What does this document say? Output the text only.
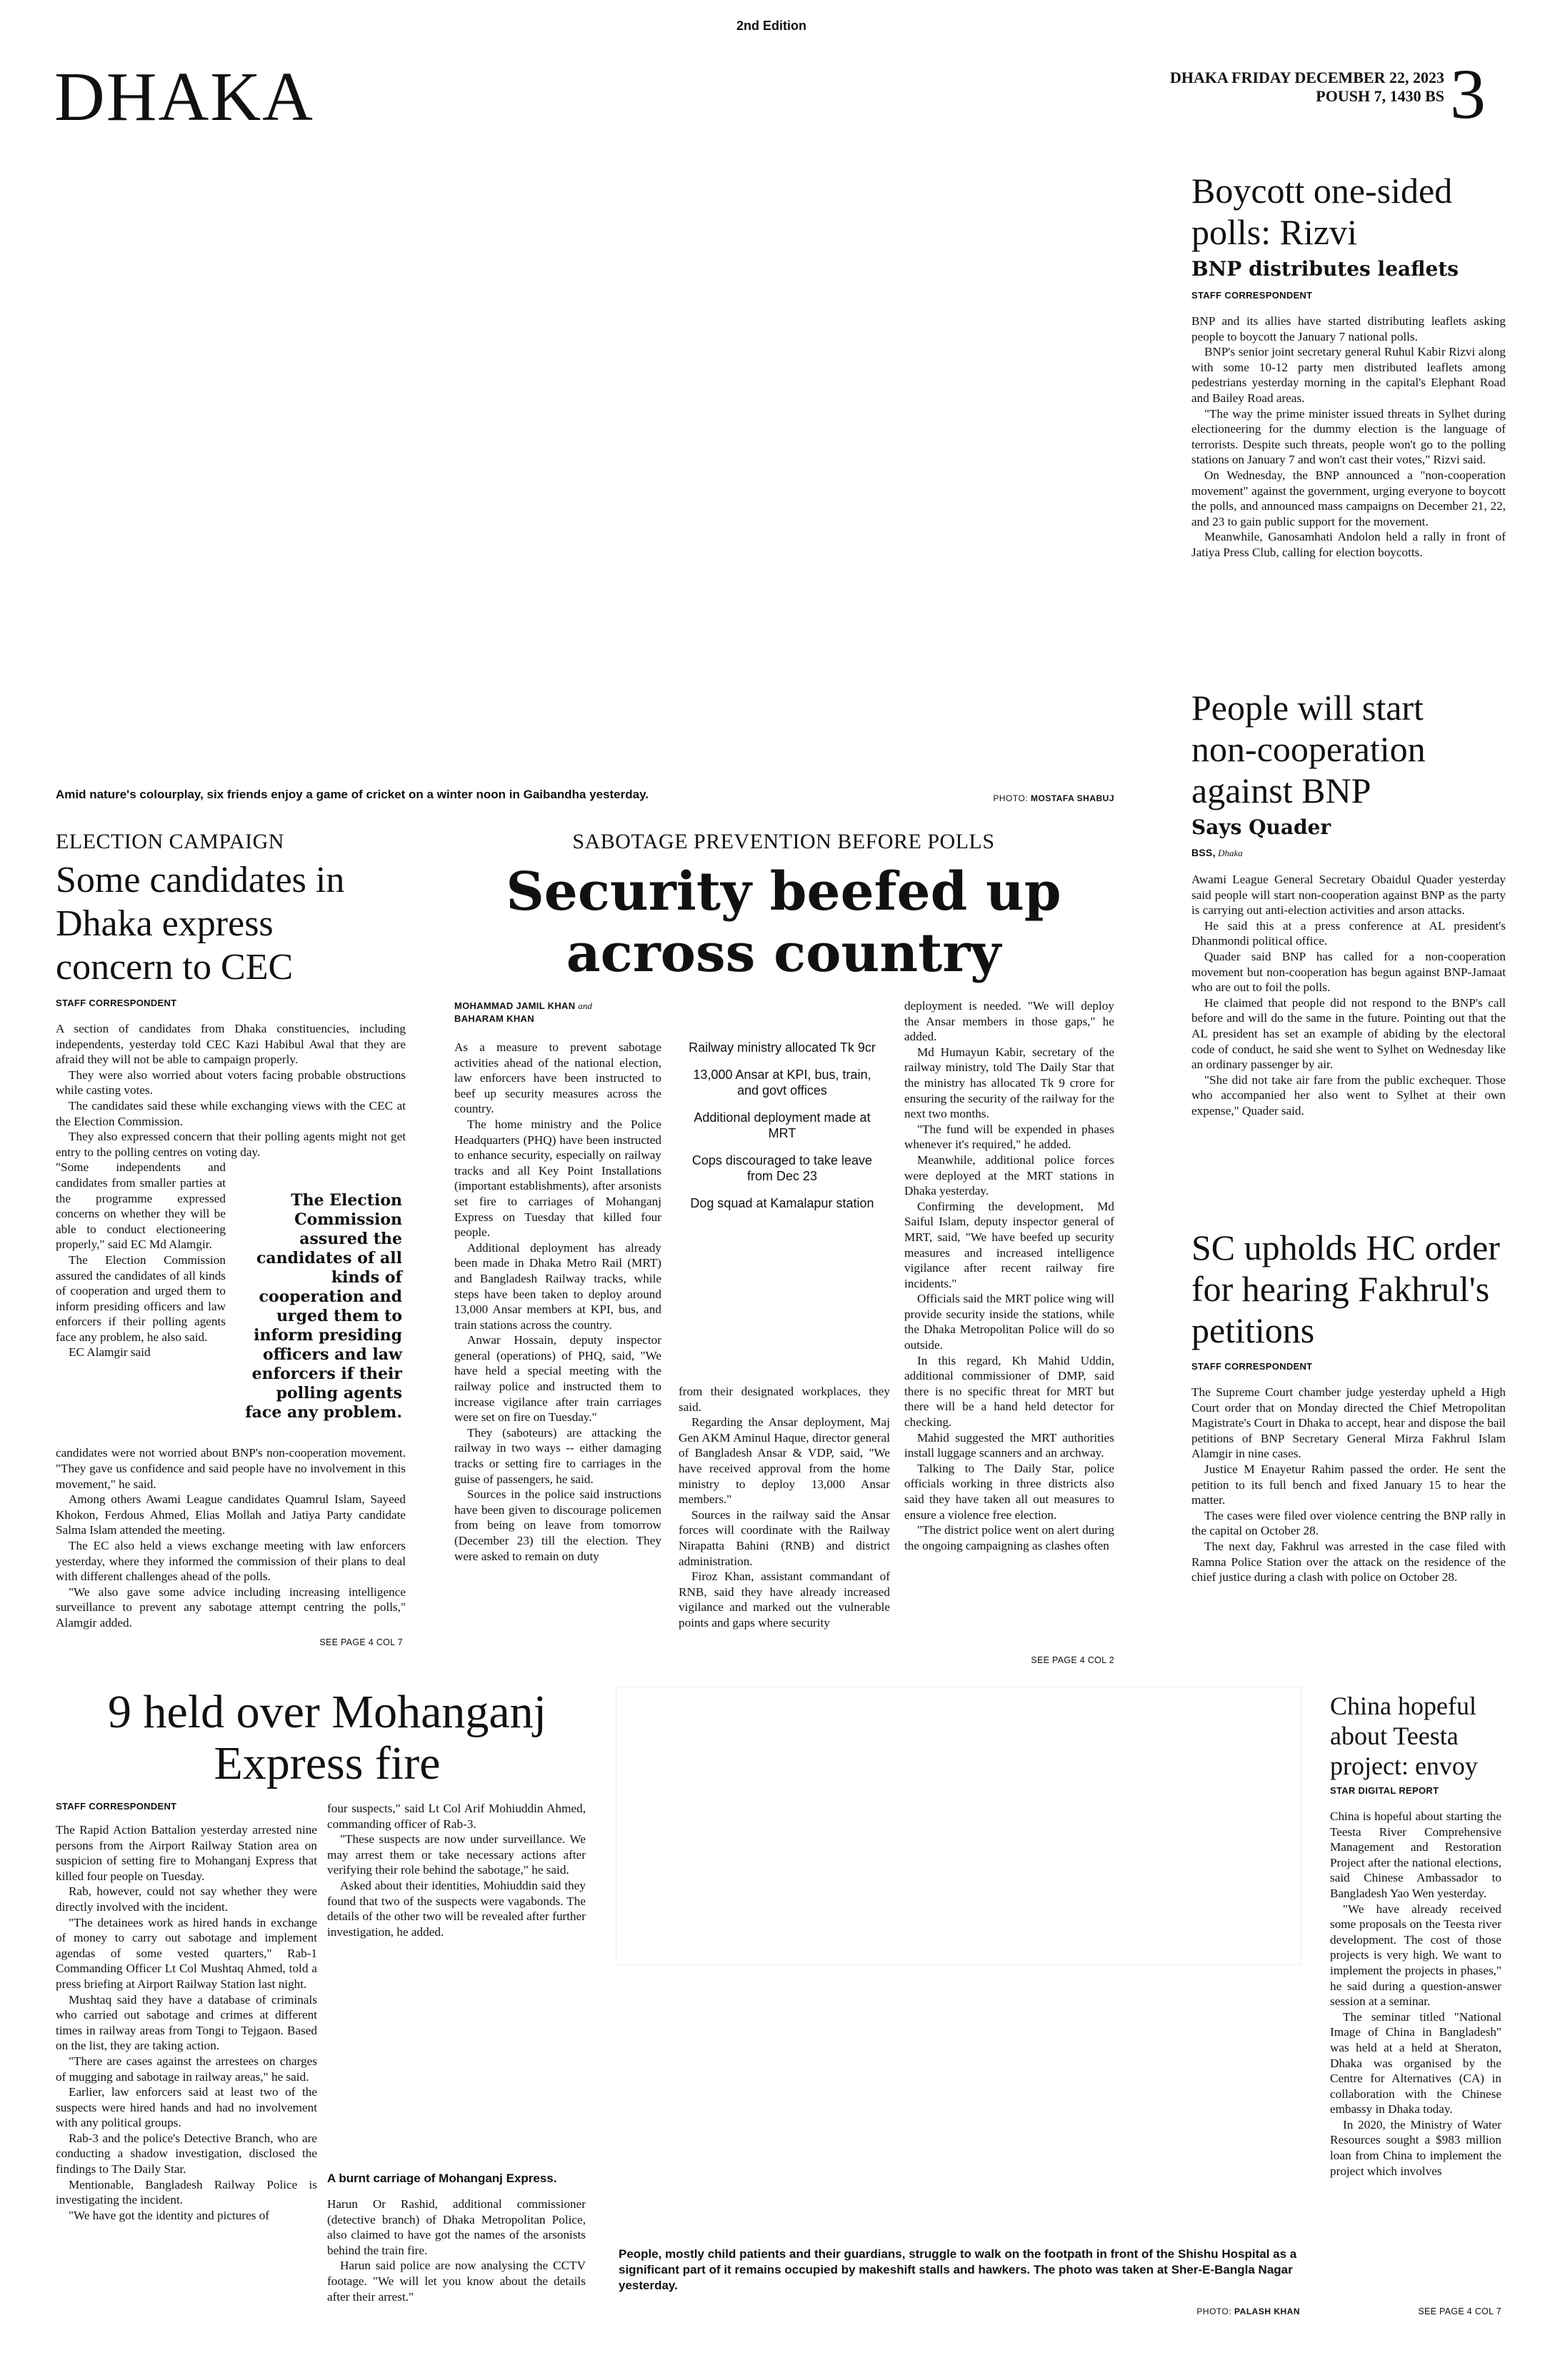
2nd Edition
DHAKA	DHAKA FRIDAY DECEMBER 22, 2023
POUSH 7, 1430 BS 3
Amid nature's colourplay, six friends enjoy a game of cricket on a winter noon in Gaibandha yesterday.	PHOTO: MOSTAFA SHABUJ
Boycott one-sided polls: Rizvi
BNP distributes leaflets
STAFF CORRESPONDENT

BNP and its allies have started distributing leaflets asking people to boycott the January 7 national polls.

BNP's senior joint secretary general Ruhul Kabir Rizvi along with some 10-12 party men distributed leaflets among pedestrians yesterday morning in the capital's Elephant Road and Bailey Road areas.

"The way the prime minister issued threats in Sylhet during electioneering for the dummy election is the language of terrorists. Despite such threats, people won't go to the polling stations on January 7 and won't cast their votes," Rizvi said.

On Wednesday, the BNP announced a "non-cooperation movement" against the government, urging everyone to boycott the polls, and announced mass campaigns on December 21, 22, and 23 to gain public support for the movement.

Meanwhile, Ganosamhati Andolon held a rally in front of Jatiya Press Club, calling for election boycotts.

People will start non-cooperation against BNP
Says Quader
BSS, Dhaka

Awami League General Secretary Obaidul Quader yesterday said people will start non-cooperation against BNP as the party is carrying out anti-election activities and arson attacks.

He said this at a press conference at AL president's Dhanmondi political office.

Quader said BNP has called for a non-cooperation movement but non-cooperation has begun against BNP-Jamaat who are out to foil the polls.

He claimed that people did not respond to the BNP's call before and will do the same in the future. Pointing out that the AL president has set an example of abiding by the electoral code of conduct, he said she went to Sylhet on Wednesday like an ordinary passenger by air.

"She did not take air fare from the public exchequer. Those who accompanied her also went to Sylhet at their own expense," Quader said.

SC upholds HC order for hearing Fakhrul's petitions
STAFF CORRESPONDENT

The Supreme Court chamber judge yesterday upheld a High Court order that on Monday directed the Chief Metropolitan Magistrate's Court in Dhaka to accept, hear and dispose the bail petitions of BNP Secretary General Mirza Fakhrul Islam Alamgir in nine cases.

Justice M Enayetur Rahim passed the order. He sent the petition to its full bench and fixed January 15 to hear the matter.

The cases were filed over violence centring the BNP rally in the capital on October 28.

The next day, Fakhrul was arrested in the case filed with Ramna Police Station over the attack on the residence of the chief justice during a clash with police on October 28.

ELECTION CAMPAIGN
Some candidates in Dhaka express concern to CEC
STAFF CORRESPONDENT

A section of candidates from Dhaka constituencies, including independents, yesterday told CEC Kazi Habibul Awal that they are afraid they will not be able to campaign properly.

They were also worried about voters facing probable obstructions while casting votes.

The candidates said these while exchanging views with the CEC at the Election Commission.

They also expressed concern that their polling agents might not get entry to the polling centres on voting day.

"Some independents and candidates from smaller parties at the programme expressed concerns on whether they will be able to conduct electioneering properly," said EC Md Alamgir.

The Election Commission assured the candidates of all kinds of cooperation and urged them to inform presiding officers and law enforcers if their polling agents face any problem, he also said.

EC Alamgir said

The Election Commission assured the candidates of all kinds of cooperation and urged them to inform presiding officers and law enforcers if their polling agents face any problem.

candidates were not worried about BNP's non-cooperation movement. "They gave us confidence and said people have no involvement in this movement," he said.

Among others Awami League candidates Quamrul Islam, Sayeed Khokon, Ferdous Ahmed, Elias Mollah and Jatiya Party candidate Salma Islam attended the meeting.

The EC also held a views exchange meeting with law enforcers yesterday, where they informed the commission of their plans to deal with different challenges ahead of the polls.

"We also gave some advice including increasing intelligence surveillance to prevent any sabotage attempt centring the polls," Alamgir added.

SEE PAGE 4 COL 7
SABOTAGE PREVENTION BEFORE POLLS
Security beefed up across country
MOHAMMAD JAMIL KHAN and
BAHARAM KHAN

As a measure to prevent sabotage activities ahead of the national election, law enforcers have been instructed to beef up security measures across the country.

The home ministry and the Police Headquarters (PHQ) have been instructed to enhance security, especially on railway tracks and all Key Point Installations (important establishments), after arsonists set fire to carriages of Mohanganj Express on Tuesday that killed four people.

Additional deployment has already been made in Dhaka Metro Rail (MRT) and Bangladesh Railway tracks, while steps have been taken to deploy around 13,000 Ansar members at KPI, bus, and train stations across the country.

Anwar Hossain, deputy inspector general (operations) of PHQ, said, "We have held a special meeting with the railway police and instructed them to increase vigilance after train carriages were set on fire on Tuesday."

They (saboteurs) are attacking the railway in two ways -- either damaging tracks or setting fire to carriages in the guise of passengers, he said.

Sources in the police said instructions have been given to discourage policemen from being on leave from tomorrow (December 23) till the election. They were asked to remain on duty

Railway ministry allocated Tk 9cr
13,000 Ansar at KPI, bus, train, and govt offices
Additional deployment made at MRT
Cops discouraged to take leave from Dec 23
Dog squad at Kamalapur station

from their designated workplaces, they said.

Regarding the Ansar deployment, Maj Gen AKM Aminul Haque, director general of Bangladesh Ansar & VDP, said, "We have received approval from the home ministry to deploy 13,000 Ansar members."

Sources in the railway said the Ansar forces will coordinate with the Railway Nirapatta Bahini (RNB) and district administration.

Firoz Khan, assistant commandant of RNB, said they have already increased vigilance and marked out the vulnerable points and gaps where security

deployment is needed. "We will deploy the Ansar members in those gaps," he added.

Md Humayun Kabir, secretary of the railway ministry, told The Daily Star that the ministry has allocated Tk 9 crore for ensuring the security of the railway for the next two months.

"The fund will be expended in phases whenever it's required," he added.

Meanwhile, additional police forces were deployed at the MRT stations in Dhaka yesterday.

Confirming the development, Md Saiful Islam, deputy inspector general of MRT, said, "We have beefed up security measures and increased intelligence vigilance after recent railway fire incidents."

Officials said the MRT police wing will provide security inside the stations, while the Dhaka Metropolitan Police will do so outside.

In this regard, Kh Mahid Uddin, additional commissioner of DMP, said there is no specific threat for MRT but there will be a hand held detector for checking.

Mahid suggested the MRT authorities install luggage scanners and an archway.

Talking to The Daily Star, police officials working in three districts also said they have taken all out measures to ensure a violence free election.

"The district police went on alert during the ongoing campaigning as clashes often

SEE PAGE 4 COL 2
9 held over Mohanganj
Express fire
STAFF CORRESPONDENT

The Rapid Action Battalion yesterday arrested nine persons from the Airport Railway Station area on suspicion of setting fire to Mohanganj Express that killed four people on Tuesday.

Rab, however, could not say whether they were directly involved with the incident.

"The detainees work as hired hands in exchange of money to carry out sabotage and implement agendas of some vested quarters," Rab-1 Commanding Officer Lt Col Mushtaq Ahmed, told a press briefing at Airport Railway Station last night.

Mushtaq said they have a database of criminals who carried out sabotage and crimes at different times in railway areas from Tongi to Tejgaon. Based on the list, they are taking action.

"There are cases against the arrestees on charges of mugging and sabotage in railway areas," he said.

Earlier, law enforcers said at least two of the suspects were hired hands and had no involvement with any political groups.

Rab-3 and the police's Detective Branch, who are conducting a shadow investigation, disclosed the findings to The Daily Star.

Mentionable, Bangladesh Railway Police is investigating the incident.

"We have got the identity and pictures of

four suspects," said Lt Col Arif Mohiuddin Ahmed, commanding officer of Rab-3.

"These suspects are now under surveillance. We may arrest them or take necessary actions after verifying their role behind the sabotage," he said.

Asked about their identities, Mohiuddin said they found that two of the suspects were vagabonds. The details of the other two will be revealed after further investigation, he added.

A burnt carriage of Mohanganj Express.

Harun Or Rashid, additional commissioner (detective branch) of Dhaka Metropolitan Police, also claimed to have got the names of the arsonists behind the train fire.

Harun said police are now analysing the CCTV footage. "We will let you know about the details after their arrest."

People, mostly child patients and their guardians, struggle to walk on the footpath in front of the Shishu Hospital as a significant part of it remains occupied by makeshift stalls and hawkers. The photo was taken at Sher-E-Bangla Nagar yesterday.
PHOTO: PALASH KHAN
China hopeful about Teesta project: envoy
STAR DIGITAL REPORT

China is hopeful about starting the Teesta River Comprehensive Management and Restoration Project after the national elections, said Chinese Ambassador to Bangladesh Yao Wen yesterday.

"We have already received some proposals on the Teesta river development. The cost of those projects is very high. We want to implement the projects in phases," he said during a question-answer session at a seminar.

The seminar titled "National Image of China in Bangladesh" was held at a held at Sheraton, Dhaka was organised by the Centre for Alternatives (CA) in collaboration with the Chinese embassy in Dhaka today.

In 2020, the Ministry of Water Resources sought a $983 million loan from China to implement the project which involves

SEE PAGE 4 COL 7
